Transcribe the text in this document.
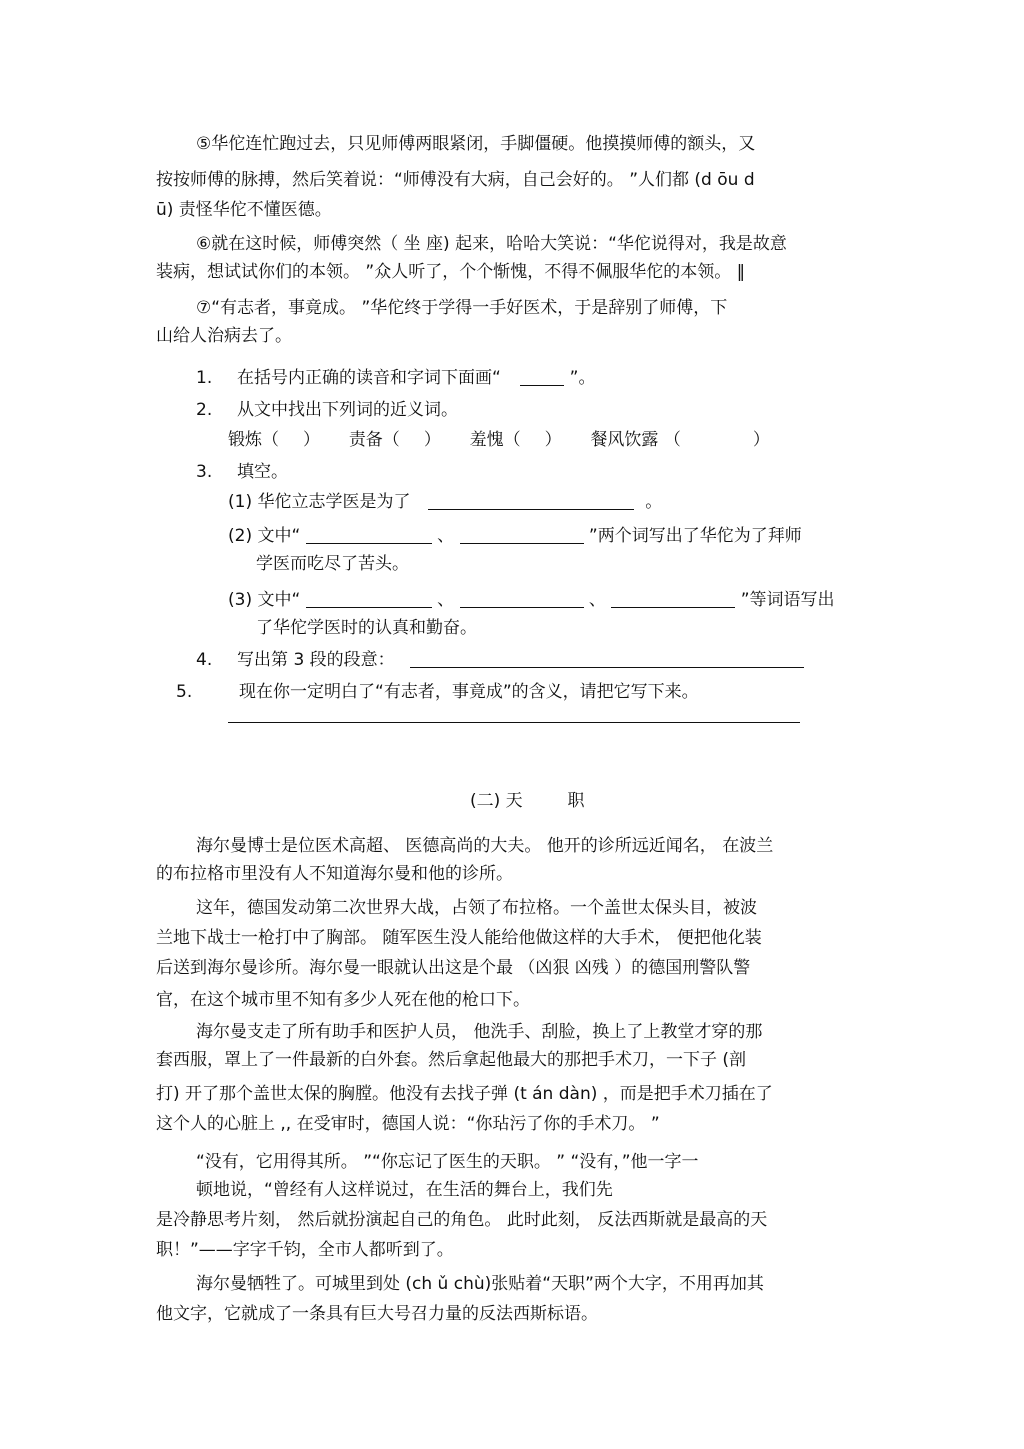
⑤华佗连忙跑过去，只见师傅两眼紧闭，手脚僵硬。他摸摸师傅的额头，又
按按师傅的脉搏，然后笑着说：“师傅没有大病，自己会好的。 ”人们都 (d ōu d
ū) 责怪华佗不懂医德。
⑥就在这时候，师傅突然（ 坐 座) 起来，哈哈大笑说：“华佗说得对，我是故意
装病，想试试你们的本领。 ”众人听了，个个惭愧，不得不佩服华佗的本领。 ‖
⑦“有志者，事竟成。 ”华佗终于学得一手好医术，于是辞别了师傅，下
山给人治病去了。
1. 在括号内正确的读音和字词下面画“	”。
2. 从文中找出下列词的近义词。
锻炼（ ） 责备（ ） 羞愧（ ） 餐风饮露 （	）
3. 填空。
(1) 华佗立志学医是为了	。
(2) 文中“	、	”两个词写出了华佗为了拜师
学医而吃尽了苦头。
(3) 文中“	、	、	”等词语写出
了华佗学医时的认真和勤奋。
4. 写出第 3 段的段意：
5.	现在你一定明白了“有志者，事竟成”的含义，请把它写下来。
(二) 天	职
海尔曼博士是位医术高超、 医德高尚的大夫。 他开的诊所远近闻名， 在波兰
的布拉格市里没有人不知道海尔曼和他的诊所。
这年，德国发动第二次世界大战，占领了布拉格。一个盖世太保头目，被波
兰地下战士一枪打中了胸部。 随军医生没人能给他做这样的大手术， 便把他化装
后送到海尔曼诊所。海尔曼一眼就认出这是个最 （凶狠 凶残 ）的德国刑警队警
官，在这个城市里不知有多少人死在他的枪口下。
海尔曼支走了所有助手和医护人员， 他洗手、刮脸，换上了上教堂才穿的那
套西服，罩上了一件最新的白外套。然后拿起他最大的那把手术刀，一下子 (剖
打) 开了那个盖世太保的胸膛。他没有去找子弹 (t án dàn) ，而是把手术刀插在了
这个人的心脏上 ,, 在受审时，德国人说：“你玷污了你的手术刀。 ”
“没有，它用得其所。 ”“你忘记了医生的天职。 ” “没有，”他一字一
顿地说，“曾经有人这样说过，在生活的舞台上，我们先
是冷静思考片刻， 然后就扮演起自己的角色。 此时此刻， 反法西斯就是最高的天
职！”——字字千钧，全市人都听到了。
海尔曼牺牲了。可城里到处 (ch ǔ chù)张贴着“天职”两个大字，不用再加其
他文字，它就成了一条具有巨大号召力量的反法西斯标语。
